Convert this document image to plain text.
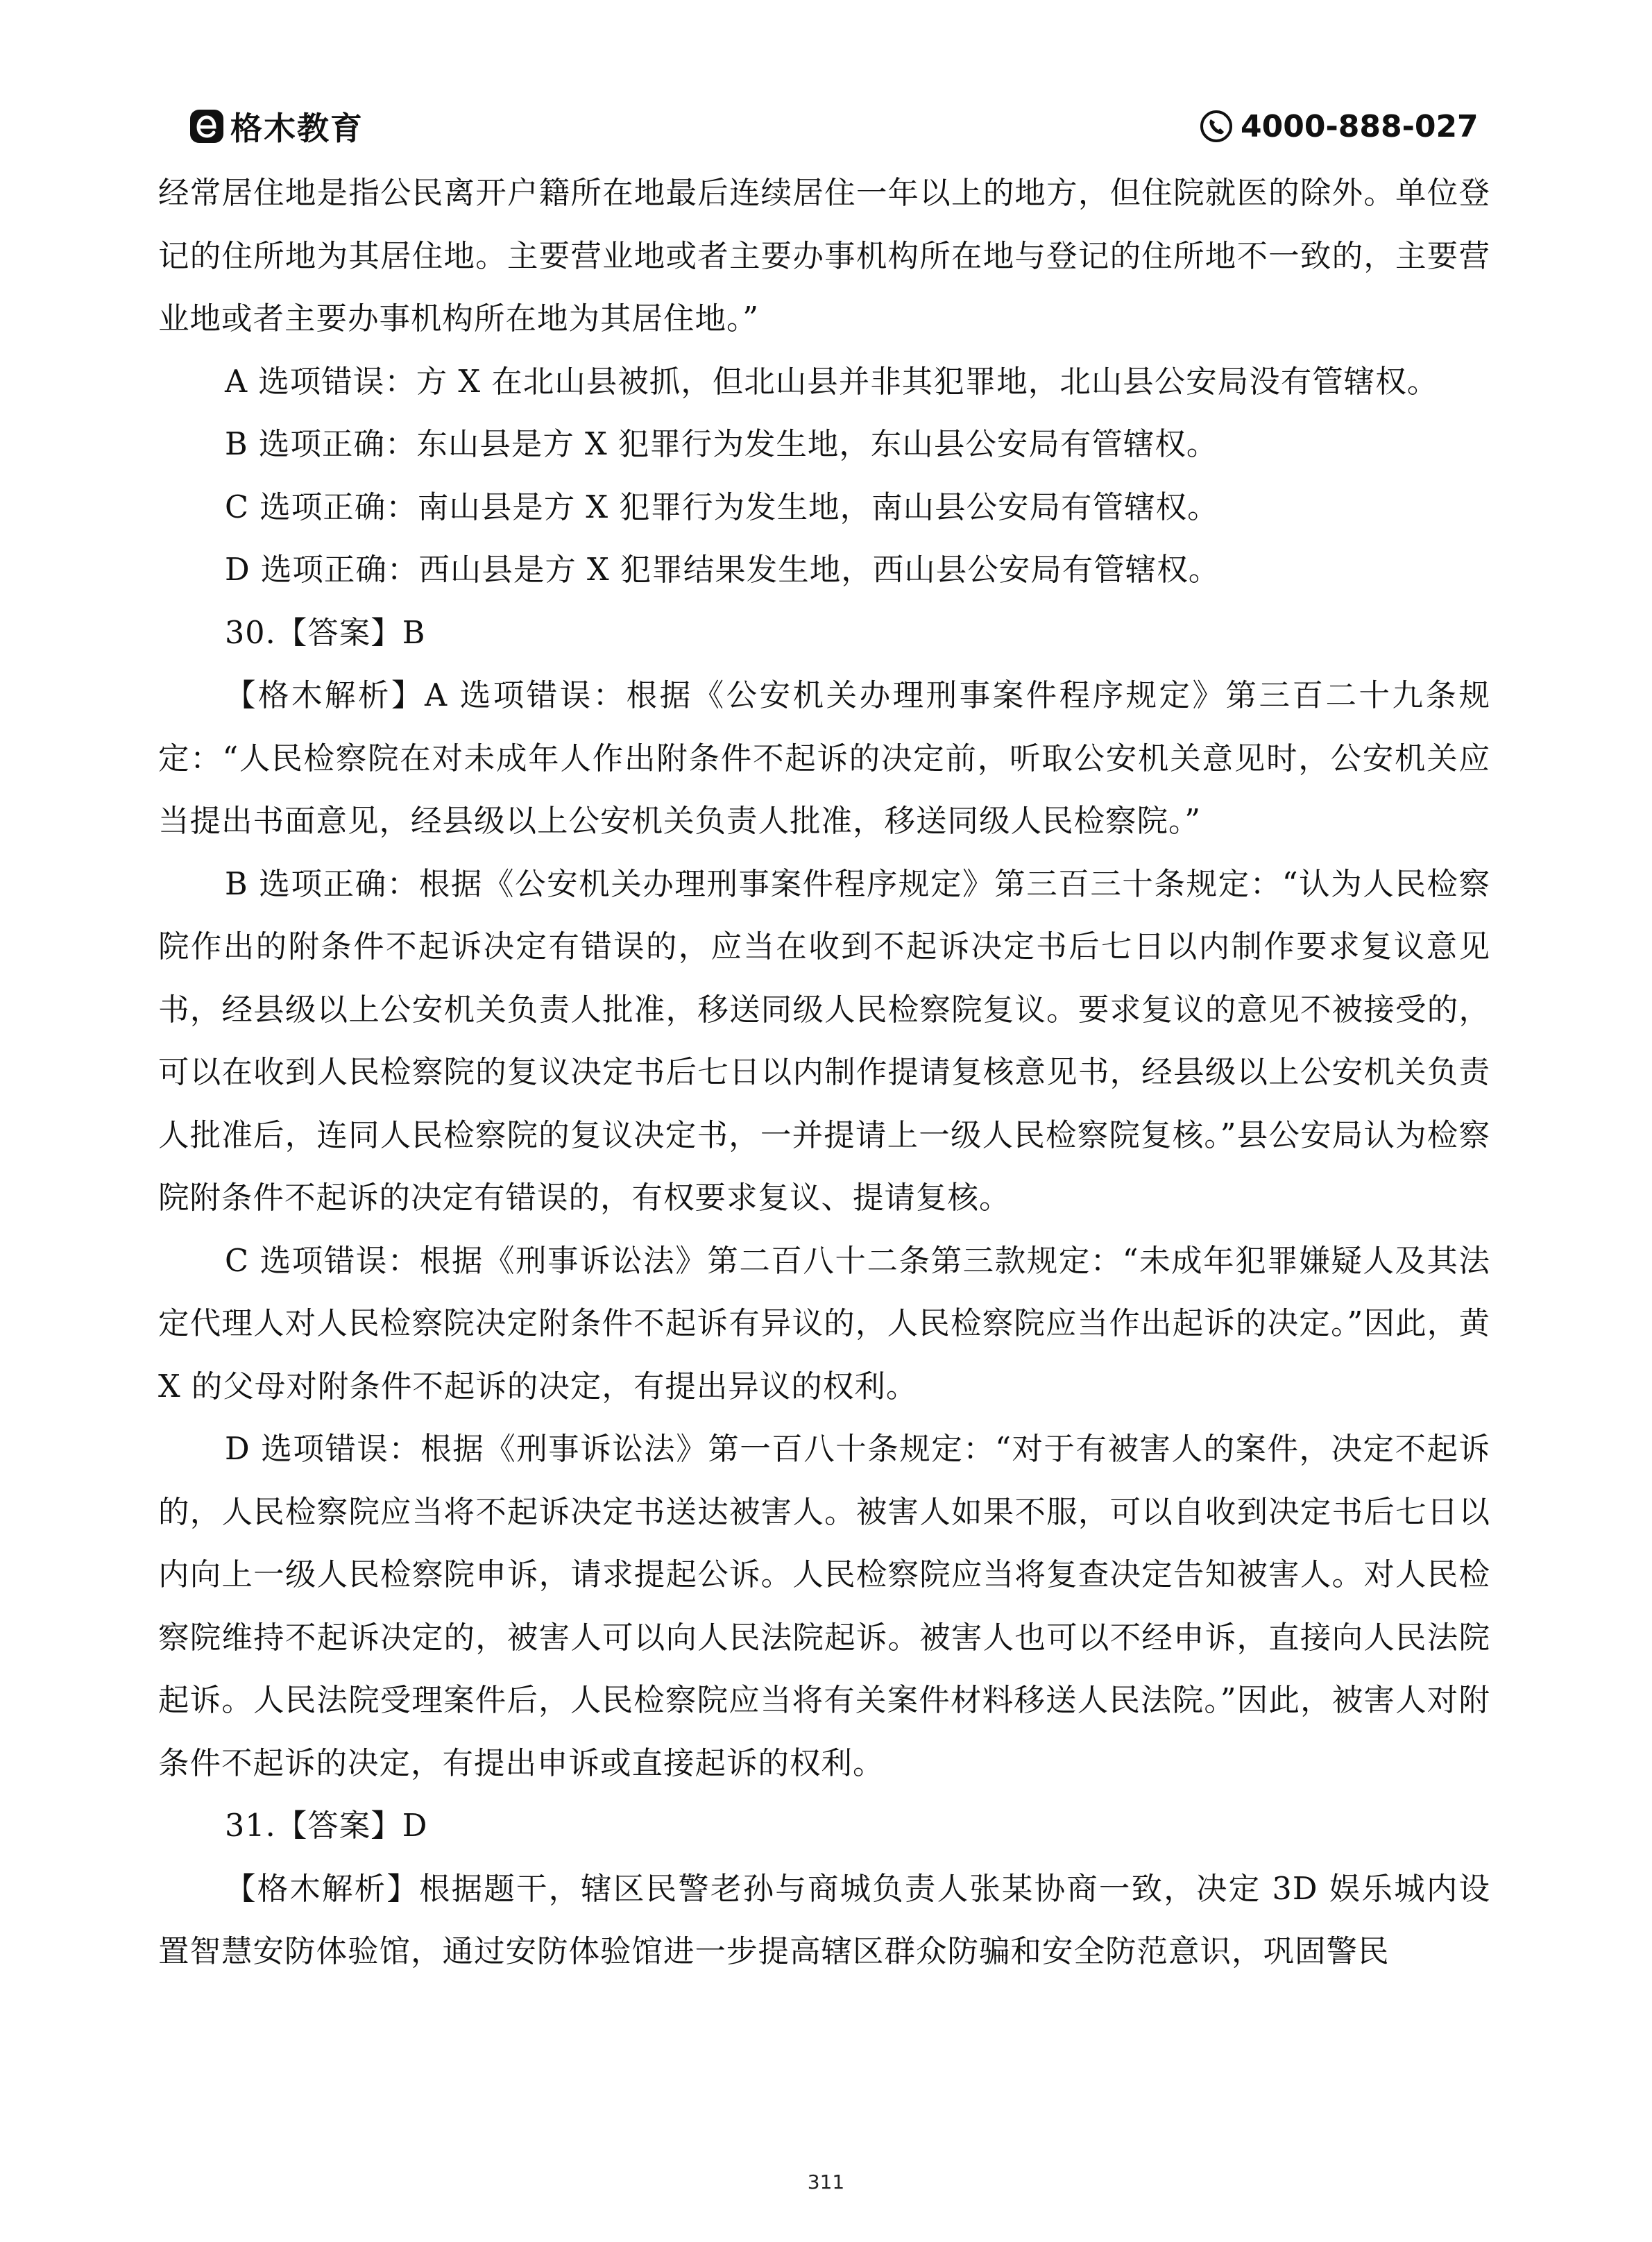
格木教育	4000-888-027

经常居住地是指公民离开户籍所在地最后连续居住一年以上的地方，但住院就医的除外。单位登记的住所地为其居住地。主要营业地或者主要办事机构所在地与登记的住所地不一致的，主要营业地或者主要办事机构所在地为其居住地。”

A 选项错误：方 X 在北山县被抓，但北山县并非其犯罪地，北山县公安局没有管辖权。

B 选项正确：东山县是方 X 犯罪行为发生地，东山县公安局有管辖权。

C 选项正确：南山县是方 X 犯罪行为发生地，南山县公安局有管辖权。

D 选项正确：西山县是方 X 犯罪结果发生地，西山县公安局有管辖权。

30.【答案】B

【格木解析】A 选项错误：根据《公安机关办理刑事案件程序规定》第三百二十九条规定：“人民检察院在对未成年人作出附条件不起诉的决定前，听取公安机关意见时，公安机关应当提出书面意见，经县级以上公安机关负责人批准，移送同级人民检察院。”

B 选项正确：根据《公安机关办理刑事案件程序规定》第三百三十条规定：“认为人民检察院作出的附条件不起诉决定有错误的，应当在收到不起诉决定书后七日以内制作要求复议意见书，经县级以上公安机关负责人批准，移送同级人民检察院复议。要求复议的意见不被接受的，可以在收到人民检察院的复议决定书后七日以内制作提请复核意见书，经县级以上公安机关负责人批准后，连同人民检察院的复议决定书，一并提请上一级人民检察院复核。”县公安局认为检察院附条件不起诉的决定有错误的，有权要求复议、提请复核。

C 选项错误：根据《刑事诉讼法》第二百八十二条第三款规定：“未成年犯罪嫌疑人及其法定代理人对人民检察院决定附条件不起诉有异议的，人民检察院应当作出起诉的决定。”因此，黄 X 的父母对附条件不起诉的决定，有提出异议的权利。

D 选项错误：根据《刑事诉讼法》第一百八十条规定：“对于有被害人的案件，决定不起诉的，人民检察院应当将不起诉决定书送达被害人。被害人如果不服，可以自收到决定书后七日以内向上一级人民检察院申诉，请求提起公诉。人民检察院应当将复查决定告知被害人。对人民检察院维持不起诉决定的，被害人可以向人民法院起诉。被害人也可以不经申诉，直接向人民法院起诉。人民法院受理案件后，人民检察院应当将有关案件材料移送人民法院。”因此，被害人对附条件不起诉的决定，有提出申诉或直接起诉的权利。

31.【答案】D

【格木解析】根据题干，辖区民警老孙与商城负责人张某协商一致，决定 3D 娱乐城内设置智慧安防体验馆，通过安防体验馆进一步提高辖区群众防骗和安全防范意识，巩固警民

311
